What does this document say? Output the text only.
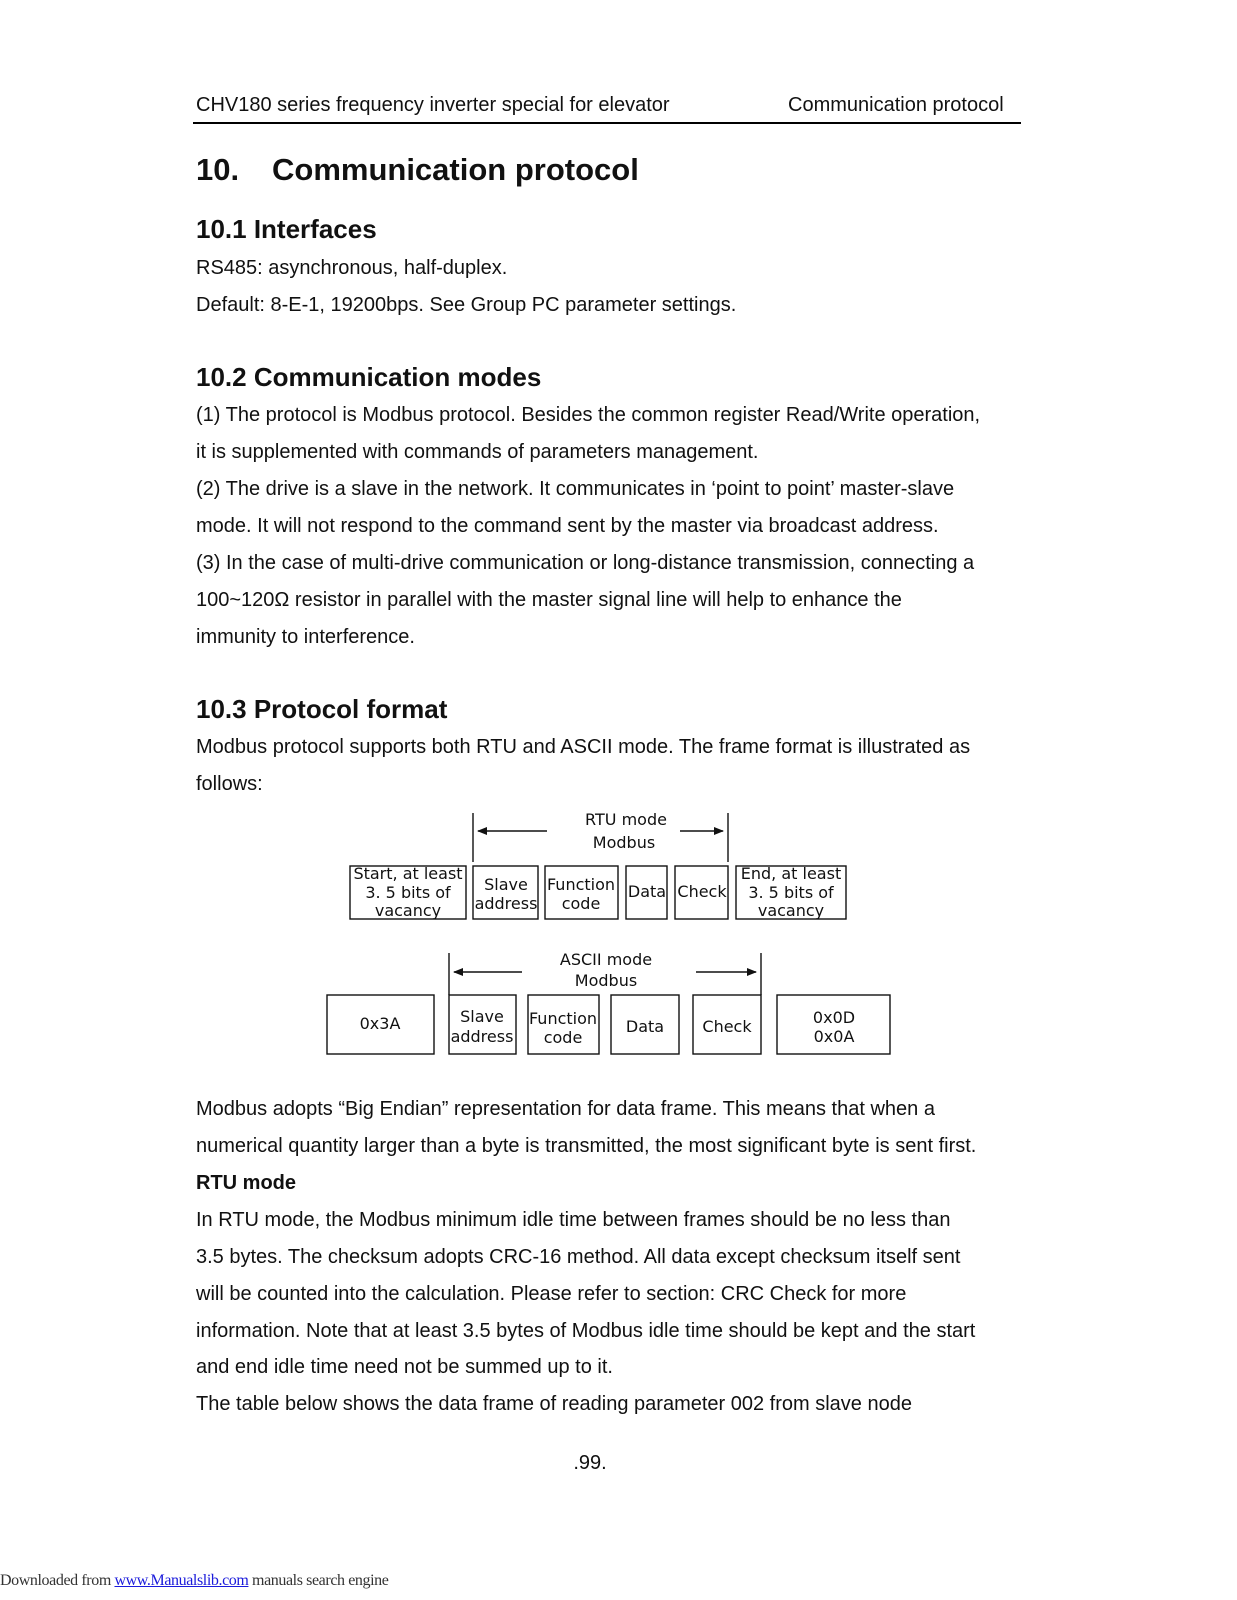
CHV180 series frequency inverter special for elevator	Communication protocol
10. Communication protocol
10.1 Interfaces
RS485: asynchronous, half-duplex.
Default: 8-E-1, 19200bps. See Group PC parameter settings.
10.2 Communication modes
(1) The protocol is Modbus protocol. Besides the common register Read/Write operation,
it is supplemented with commands of parameters management.
(2) The drive is a slave in the network. It communicates in ‘point to point’ master-slave
mode. It will not respond to the command sent by the master via broadcast address.
(3) In the case of multi-drive communication or long-distance transmission, connecting a
100~120Ω resistor in parallel with the master signal line will help to enhance the
immunity to interference.
10.3 Protocol format
Modbus protocol supports both RTU and ASCII mode. The frame format is illustrated as
follows:
RTU mode
Modbus
Start, at least
3. 5 bits of
vacancy
Slave
address
Function
code
Data Check
End, at least
3. 5 bits of
vacancy
ASCII mode
Modbus
0x3A	Slave
address
Function
code
Data Check	0x0D
0x0A
Modbus adopts “Big Endian” representation for data frame. This means that when a
numerical quantity larger than a byte is transmitted, the most significant byte is sent first.
RTU mode
In RTU mode, the Modbus minimum idle time between frames should be no less than
3.5 bytes. The checksum adopts CRC-16 method. All data except checksum itself sent
will be counted into the calculation. Please refer to section: CRC Check for more
information. Note that at least 3.5 bytes of Modbus idle time should be kept and the start
and end idle time need not be summed up to it.
The table below shows the data frame of reading parameter 002 from slave node
.99.
Downloaded from www.Manualslib.com manuals search engine
